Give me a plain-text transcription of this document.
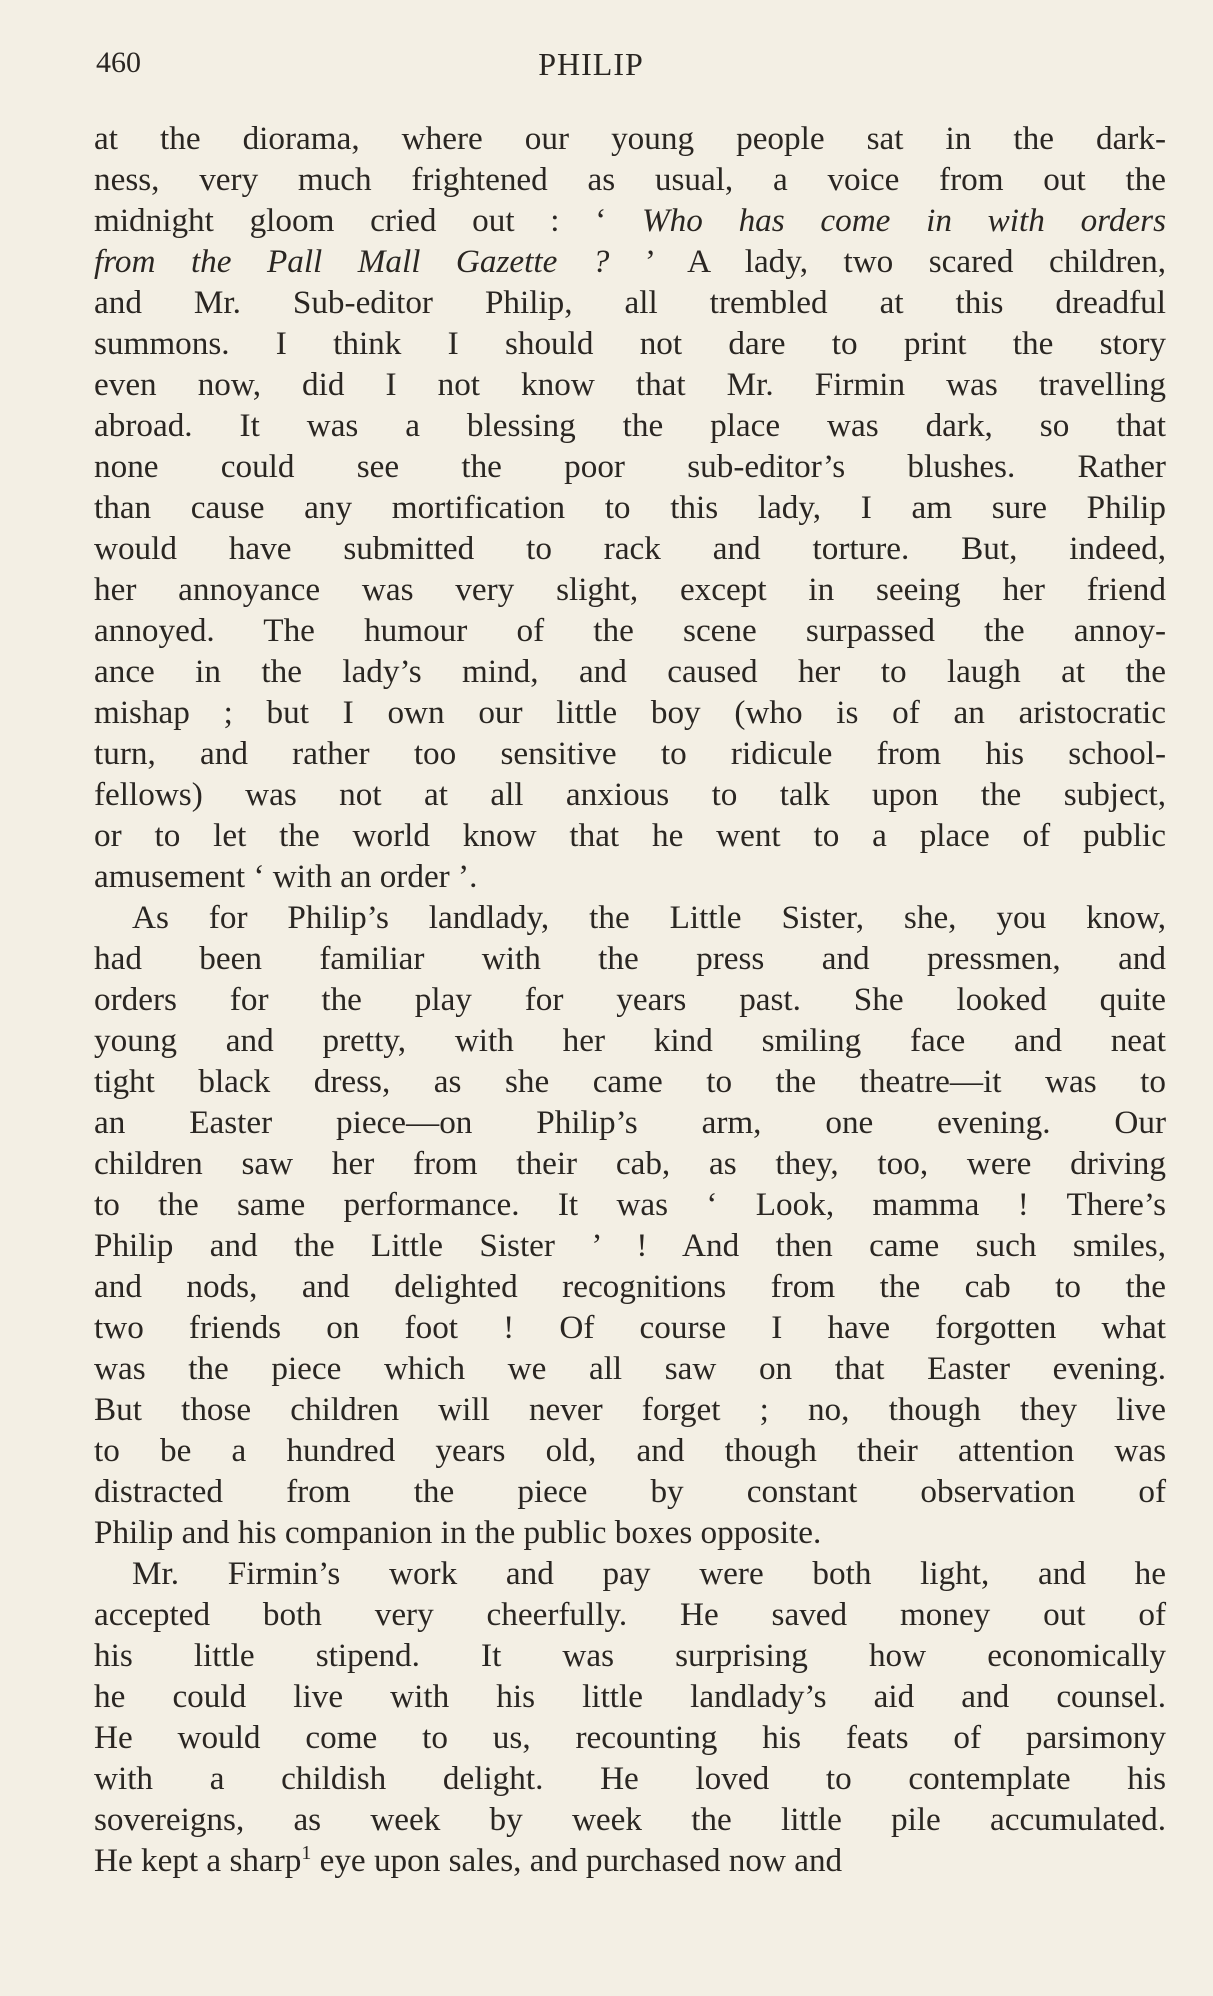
460	PHILIP
at the diorama, where our young people sat in the dark-
ness, very much frightened as usual, a voice from out the
midnight gloom cried out : ‘ Who has come in with orders
from the Pall Mall Gazette ? ’ A lady, two scared children,
and Mr. Sub-editor Philip, all trembled at this dreadful
summons. I think I should not dare to print the story
even now, did I not know that Mr. Firmin was travelling
abroad. It was a blessing the place was dark, so that
none could see the poor sub-editor’s blushes. Rather
than cause any mortification to this lady, I am sure Philip
would have submitted to rack and torture. But, indeed,
her annoyance was very slight, except in seeing her friend
annoyed. The humour of the scene surpassed the annoy-
ance in the lady’s mind, and caused her to laugh at the
mishap ; but I own our little boy (who is of an aristocratic
turn, and rather too sensitive to ridicule from his school-
fellows) was not at all anxious to talk upon the subject,
or to let the world know that he went to a place of public
amusement ‘ with an order ’.
As for Philip’s landlady, the Little Sister, she, you know,
had been familiar with the press and pressmen, and
orders for the play for years past. She looked quite
young and pretty, with her kind smiling face and neat
tight black dress, as she came to the theatre—it was to
an Easter piece—on Philip’s arm, one evening. Our
children saw her from their cab, as they, too, were driving
to the same performance. It was ‘ Look, mamma ! There’s
Philip and the Little Sister ’ ! And then came such smiles,
and nods, and delighted recognitions from the cab to the
two friends on foot ! Of course I have forgotten what
was the piece which we all saw on that Easter evening.
But those children will never forget ; no, though they live
to be a hundred years old, and though their attention was
distracted from the piece by constant observation of
Philip and his companion in the public boxes opposite.
Mr. Firmin’s work and pay were both light, and he
accepted both very cheerfully. He saved money out of
his little stipend. It was surprising how economically
he could live with his little landlady’s aid and counsel.
He would come to us, recounting his feats of parsimony
with a childish delight. He loved to contemplate his
sovereigns, as week by week the little pile accumulated.
He kept a sharp$^1$ eye upon sales, and purchased now and
